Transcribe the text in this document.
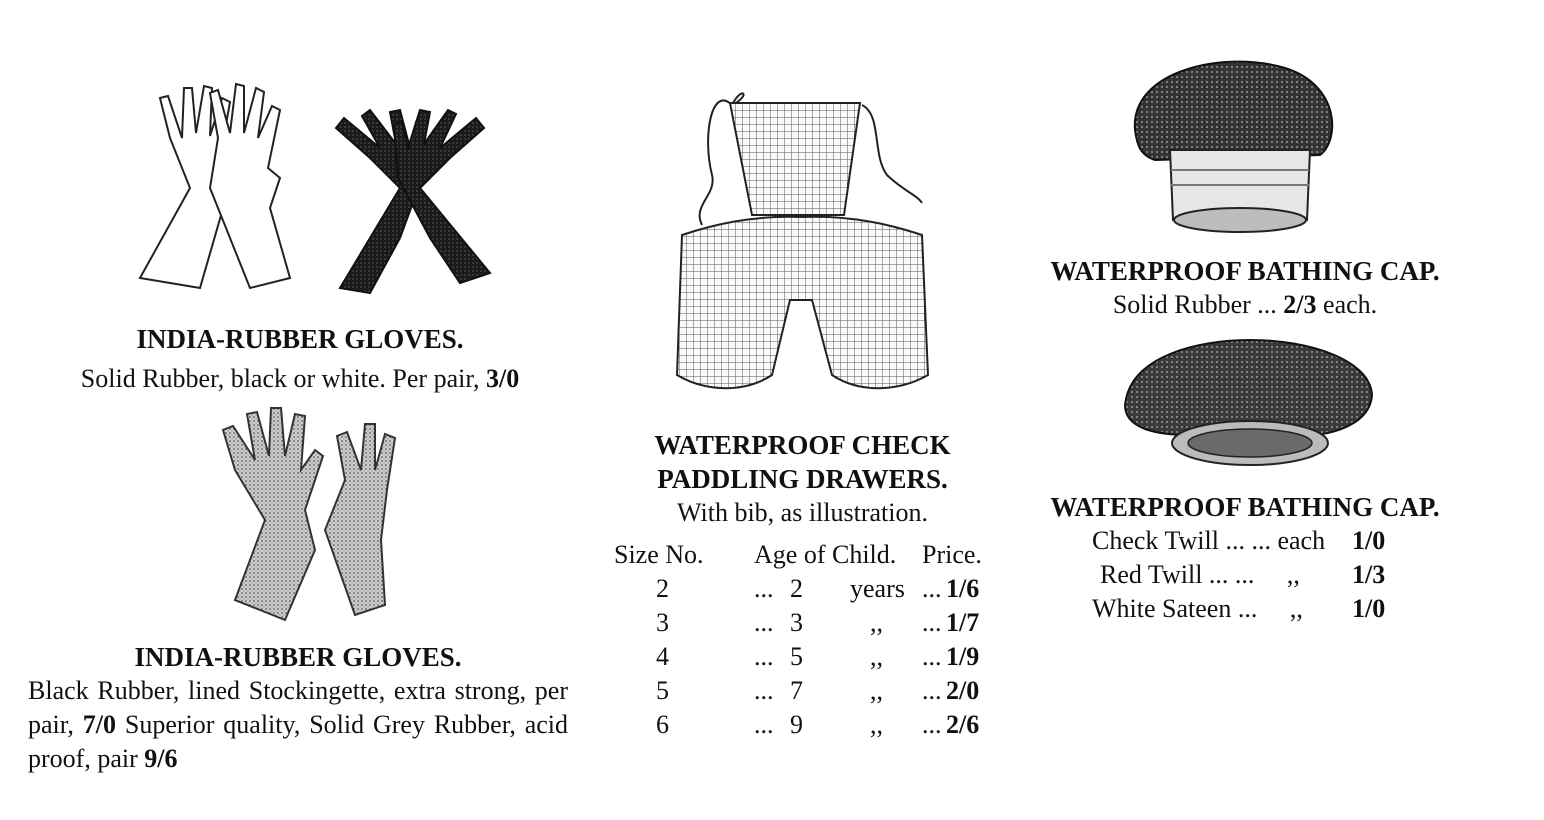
INDIA-RUBBER GLOVES.
Solid Rubber, black or white. Per pair, 3/0
INDIA-RUBBER GLOVES.
Black Rubber, lined Stockingette, extra strong, per pair, 7/0 Superior quality, Solid Grey Rubber, acid proof, pair 9/6
WATERPROOF CHECK
PADDLING DRAWERS.
With bib, as illustration.
Size No.	Age of Child.			Price.	
2	...	2	years	...	1/6
3	...	3	,,	...	1/7
4	...	5	,,	...	1/9
5	...	7	,,	...	2/0
6	...	9	,,	...	2/6
WATERPROOF BATHING CAP.
Solid Rubber ... 2/3 each.
WATERPROOF BATHING CAP.
Check Twill ... ... each	1/0
Red Twill ... ...     ,,	1/3
White Sateen ...     ,,	1/0
